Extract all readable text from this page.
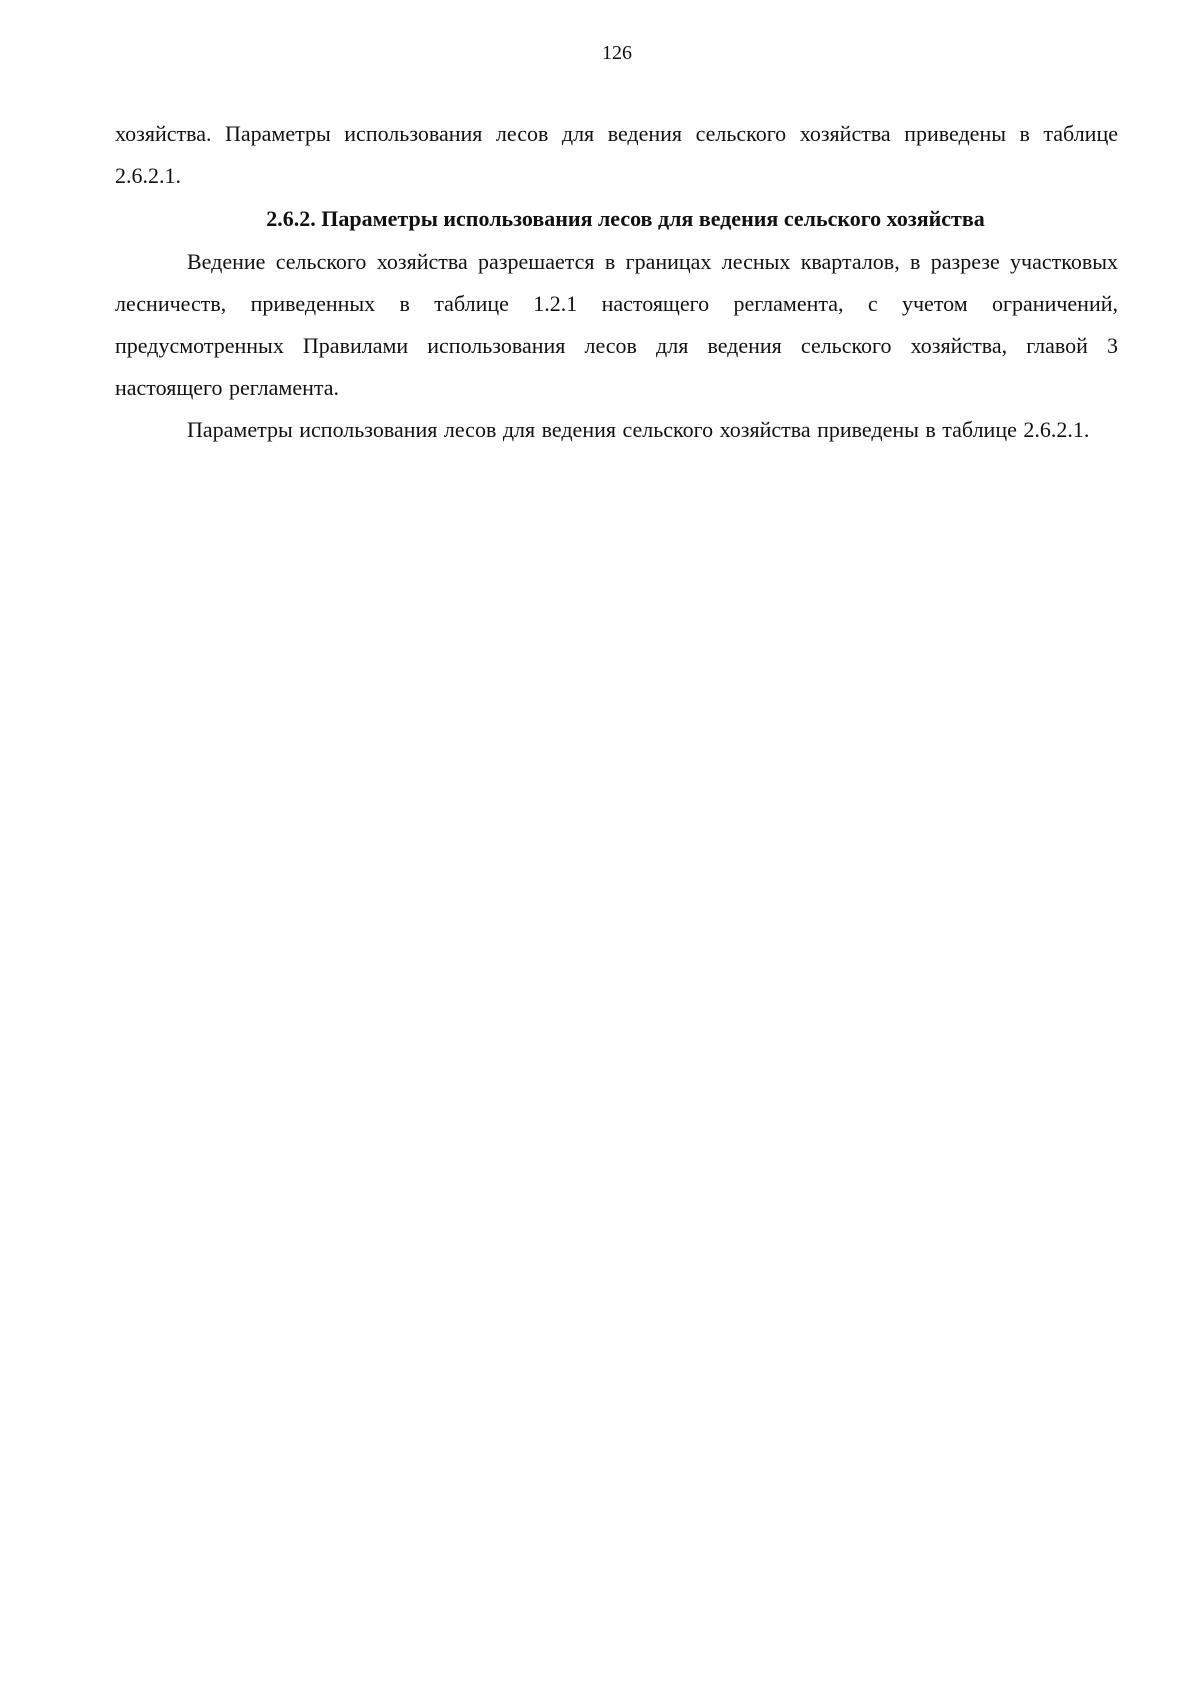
126

хозяйства. Параметры использования лесов для ведения сельского хозяйства приведены в таблице 2.6.2.1.

2.6.2. Параметры использования лесов для ведения сельского хозяйства

Ведение сельского хозяйства разрешается в границах лесных кварталов, в разрезе участковых лесничеств, приведенных в таблице 1.2.1 настоящего регламента, с учетом ограничений, предусмотренных Правилами использования лесов для ведения сельского хозяйства, главой 3 настоящего регламента.

Параметры использования лесов для ведения сельского хозяйства приведены в таблице 2.6.2.1.
